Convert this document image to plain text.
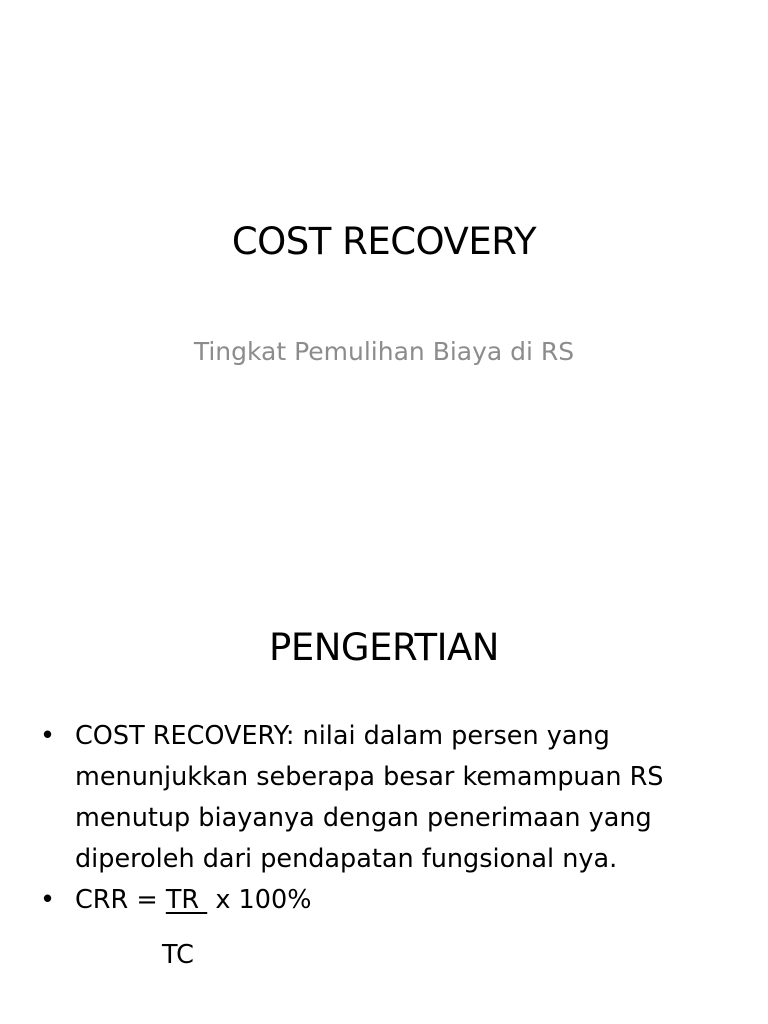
COST RECOVERY
Tingkat Pemulihan Biaya di RS
PENGERTIAN
• COST RECOVERY: nilai dalam persen yang menunjukkan seberapa besar kemampuan RS menutup biayanya dengan penerimaan yang diperoleh dari pendapatan fungsional nya.
• CRR = TR  x 100%
TC
